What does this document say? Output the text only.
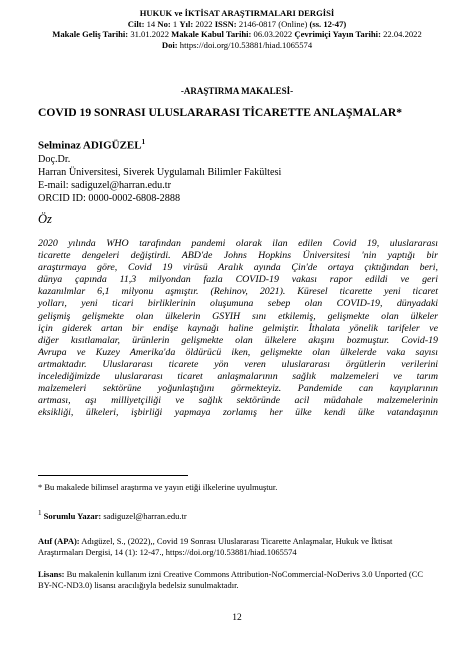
HUKUK ve İKTİSAT ARAŞTIRMALARI DERGİSİ
Cilt: 14 No: 1 Yıl: 2022 ISSN: 2146-0817 (Online) (ss. 12-47)
Makale Geliş Tarihi: 31.01.2022 Makale Kabul Tarihi: 06.03.2022 Çevrimiçi Yayın Tarihi: 22.04.2022
Doi: https://doi.org/10.53881/hiad.1065574
-ARAŞTIRMA MAKALESİ-
COVID 19 SONRASI ULUSLARARASI TİCARETTE ANLAŞMALAR*
Selminaz ADIGÜZEL$^1$
Doç.Dr.
Harran Üniversitesi, Siverek Uygulamalı Bilimler Fakültesi
E-mail: sadiguzel@harran.edu.tr
ORCID ID: 0000-0002-6808-2888
Öz
2020 yılında WHO tarafından pandemi olarak ilan edilen Covid 19, uluslararası
ticarette dengeleri değiştirdi. ABD'de Johns Hopkins Üniversitesi 'nin yaptığı bir
araştırmaya göre, Covid 19 virüsü Aralık ayında Çin'de ortaya çıktığından beri,
dünya çapında 11,3 milyondan fazla COVID-19 vakası rapor edildi ve geri
kazanılmlar 6,1 milyonu aşmıştır. (Rehinov, 2021). Küresel ticarette yeni ticaret
yolları, yeni ticari birliklerinin oluşumuna sebep olan COVID-19, dünyadaki
gelişmiş gelişmekte olan ülkelerin GSYIH sını etkilemiş, gelişmekte olan ülkeler
için giderek artan bir endişe kaynağı haline gelmiştir. İthalata yönelik tarifeler ve
diğer kısıtlamalar, ürünlerin gelişmekte olan ülkelere akışını bozmuştur. Covid-19
Avrupa ve Kuzey Amerika'da öldürücü iken, gelişmekte olan ülkelerde vaka sayısı
artmaktadır. Uluslararası ticarete yön veren uluslararası örgütlerin verilerini
incelediğimizde uluslararası ticaret anlaşmalarının sağlık malzemeleri ve tarım
malzemeleri sektörüne yoğunlaştığını görmekteyiz. Pandemide can kayıplarının
artması, aşı milliyetçiliği ve sağlık sektöründe acil müdahale malzemelerinin
eksikliği, ülkeleri, işbirliği yapmaya zorlamış her ülke kendi ülke vatandaşının
* Bu makalede bilimsel araştırma ve yayın etiği ilkelerine uyulmuştur.
$^1$ Sorumlu Yazar: sadiguzel@harran.edu.tr
Atıf (APA): Adıgüzel, S., (2022),, Covid 19 Sonrası Uluslararası Ticarette Anlaşmalar, Hukuk ve İktisat Araştırmaları Dergisi, 14 (1): 12-47., https://doi.org/10.53881/hiad.1065574
Lisans: Bu makalenin kullanım izni Creative Commons Attribution-NoCommercial-NoDerivs 3.0 Unported (CC BY-NC-ND3.0) lisansı aracılığıyla bedelsiz sunulmaktadır.
12
